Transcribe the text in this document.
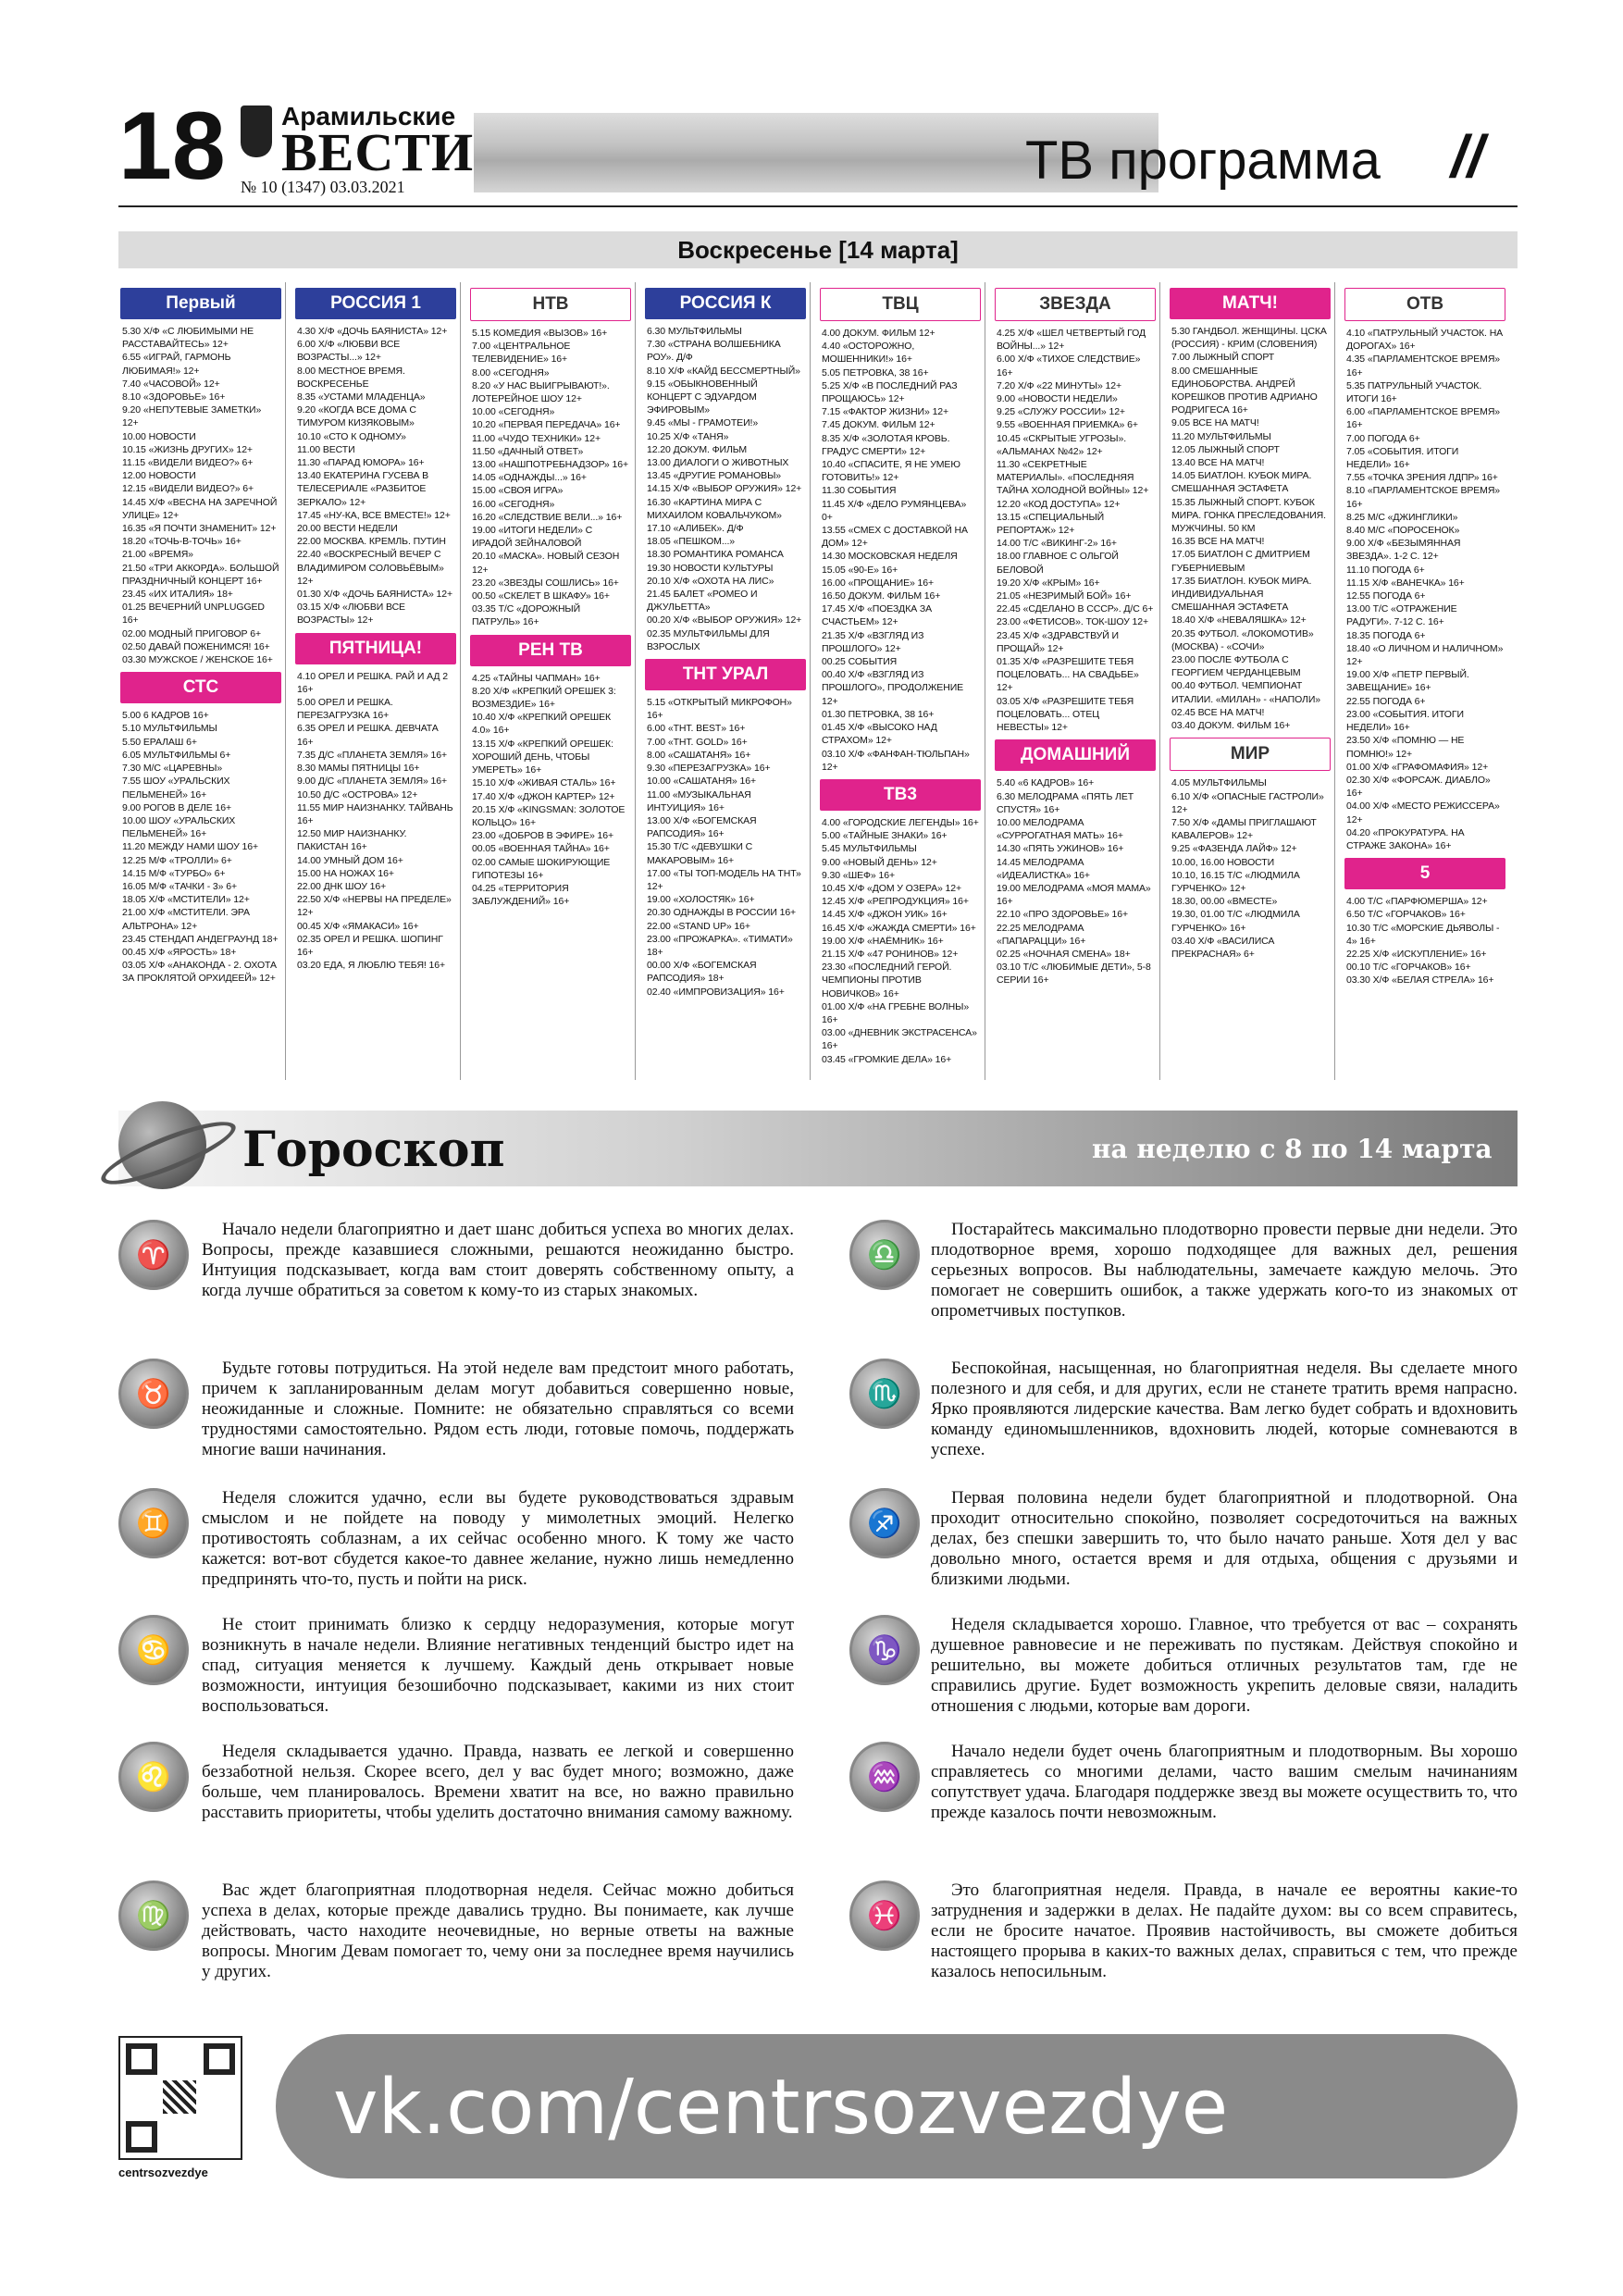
18 Арамильские
ВЕСТИ
№ 10 (1347) 03.03.2021	ТВ программа //
Воскресенье [14 марта]
Первый
5.30 Х/Ф «С ЛЮБИМЫМИ НЕ РАССТАВАЙТЕСЬ» 12+
6.55 «ИГРАЙ, ГАРМОНЬ ЛЮБИМАЯ!» 12+
7.40 «ЧАСОВОЙ» 12+
8.10 «ЗДОРОВЬЕ» 16+
9.20 «НЕПУТЕВЫЕ ЗАМЕТКИ» 12+
10.00 НОВОСТИ
10.15 «ЖИЗНЬ ДРУГИХ» 12+
11.15 «ВИДЕЛИ ВИДЕО?» 6+
12.00 НОВОСТИ
12.15 «ВИДЕЛИ ВИДЕО?» 6+
14.45 Х/Ф «ВЕСНА НА ЗАРЕЧНОЙ УЛИЦЕ» 12+
16.35 «Я ПОЧТИ ЗНАМЕНИТ» 12+
18.20 «ТОЧЬ-В-ТОЧЬ» 16+
21.00 «ВРЕМЯ»
21.50 «ТРИ АККОРДА». БОЛЬШОЙ ПРАЗДНИЧНЫЙ КОНЦЕРТ 16+
23.45 «ИХ ИТАЛИЯ» 18+
01.25 ВЕЧЕРНИЙ UNPLUGGED 16+
02.00 МОДНЫЙ ПРИГОВОР 6+
02.50 ДАВАЙ ПОЖЕНИМСЯ! 16+
03.30 МУЖСКОЕ / ЖЕНСКОЕ 16+
СТС
5.00 6 КАДРОВ 16+
5.10 МУЛЬТФИЛЬМЫ
5.50 ЕРАЛАШ 6+
6.05 МУЛЬТФИЛЬМЫ 6+
7.30 М/С «ЦАРЕВНЫ»
7.55 ШОУ «УРАЛЬСКИХ ПЕЛЬМЕНЕЙ» 16+
9.00 РОГОВ В ДЕЛЕ 16+
10.00 ШОУ «УРАЛЬСКИХ ПЕЛЬМЕНЕЙ» 16+
11.20 МЕЖДУ НАМИ ШОУ 16+
12.25 М/Ф «ТРОЛЛИ» 6+
14.15 М/Ф «ТУРБО» 6+
16.05 М/Ф «ТАЧКИ - 3» 6+
18.05 Х/Ф «МСТИТЕЛИ» 12+
21.00 Х/Ф «МСТИТЕЛИ. ЭРА АЛЬТРОНА» 12+
23.45 СТЕНДАП АНДЕГРАУНД 18+
00.45 Х/Ф «ЯРОСТЬ» 18+
03.05 Х/Ф «АНАКОНДА - 2. ОХОТА ЗА ПРОКЛЯТОЙ ОРХИДЕЕЙ» 12+
РОССИЯ 1
4.30 Х/Ф «ДОЧЬ БАЯНИСТА» 12+
6.00 Х/Ф «ЛЮБВИ ВСЕ ВОЗРАСТЫ...» 12+
8.00 МЕСТНОЕ ВРЕМЯ. ВОСКРЕСЕНЬЕ
8.35 «УСТАМИ МЛАДЕНЦА»
9.20 «КОГДА ВСЕ ДОМА С ТИМУРОМ КИЗЯКОВЫМ»
10.10 «СТО К ОДНОМУ»
11.00 ВЕСТИ
11.30 «ПАРАД ЮМОРА» 16+
13.40 ЕКАТЕРИНА ГУСЕВА В ТЕЛЕСЕРИАЛЕ «РАЗБИТОЕ ЗЕРКАЛО» 12+
17.45 «НУ-КА, ВСЕ ВМЕСТЕ!» 12+
20.00 ВЕСТИ НЕДЕЛИ
22.00 МОСКВА. КРЕМЛЬ. ПУТИН
22.40 «ВОСКРЕСНЫЙ ВЕЧЕР С ВЛАДИМИРОМ СОЛОВЬЁВЫМ» 12+
01.30 Х/Ф «ДОЧЬ БАЯНИСТА» 12+
03.15 Х/Ф «ЛЮБВИ ВСЕ ВОЗРАСТЫ» 12+
ПЯТНИЦА!
4.10 ОРЕЛ И РЕШКА. РАЙ И АД 2 16+
5.00 ОРЕЛ И РЕШКА. ПЕРЕЗАГРУЗКА 16+
6.35 ОРЕЛ И РЕШКА. ДЕВЧАТА 16+
7.35 Д/С «ПЛАНЕТА ЗЕМЛЯ» 16+
8.30 МАМЫ ПЯТНИЦЫ 16+
9.00 Д/С «ПЛАНЕТА ЗЕМЛЯ» 16+
10.50 Д/С «ОСТРОВА» 12+
11.55 МИР НАИЗНАНКУ. ТАЙВАНЬ 16+
12.50 МИР НАИЗНАНКУ. ПАКИСТАН 16+
14.00 УМНЫЙ ДОМ 16+
15.00 НА НОЖАХ 16+
22.00 ДНК ШОУ 16+
22.50 Х/Ф «НЕРВЫ НА ПРЕДЕЛЕ» 12+
00.45 Х/Ф «ЯМАКАСИ» 16+
02.35 ОРЕЛ И РЕШКА. ШОПИНГ 16+
03.20 ЕДА, Я ЛЮБЛЮ ТЕБЯ! 16+
НТВ
5.15 КОМЕДИЯ «ВЫЗОВ» 16+
7.00 «ЦЕНТРАЛЬНОЕ ТЕЛЕВИДЕНИЕ» 16+
8.00 «СЕГОДНЯ»
8.20 «У НАС ВЫИГРЫВАЮТ!». ЛОТЕРЕЙНОЕ ШОУ 12+
10.00 «СЕГОДНЯ»
10.20 «ПЕРВАЯ ПЕРЕДАЧА» 16+
11.00 «ЧУДО ТЕХНИКИ» 12+
11.50 «ДАЧНЫЙ ОТВЕТ»
13.00 «НАШПОТРЕБНАДЗОР» 16+
14.05 «ОДНАЖДЫ...» 16+
15.00 «СВОЯ ИГРА»
16.00 «СЕГОДНЯ»
16.20 «СЛЕДСТВИЕ ВЕЛИ...» 16+
19.00 «ИТОГИ НЕДЕЛИ» С ИРАДОЙ ЗЕЙНАЛОВОЙ
20.10 «МАСКА». НОВЫЙ СЕЗОН 12+
23.20 «ЗВЕЗДЫ СОШЛИСЬ» 16+
00.50 «СКЕЛЕТ В ШКАФУ» 16+
03.35 Т/С «ДОРОЖНЫЙ ПАТРУЛЬ» 16+
РЕН ТВ
4.25 «ТАЙНЫ ЧАПМАН» 16+
8.20 Х/Ф «КРЕПКИЙ ОРЕШЕК 3: ВОЗМЕЗДИЕ» 16+
10.40 Х/Ф «КРЕПКИЙ ОРЕШЕК 4.0» 16+
13.15 Х/Ф «КРЕПКИЙ ОРЕШЕК: ХОРОШИЙ ДЕНЬ, ЧТОБЫ УМЕРЕТЬ» 16+
15.10 Х/Ф «ЖИВАЯ СТАЛЬ» 16+
17.40 Х/Ф «ДЖОН КАРТЕР» 12+
20.15 Х/Ф «KINGSMAN: ЗОЛОТОЕ КОЛЬЦО» 16+
23.00 «ДОБРОВ В ЭФИРЕ» 16+
00.05 «ВОЕННАЯ ТАЙНА» 16+
02.00 САМЫЕ ШОКИРУЮЩИЕ ГИПОТЕЗЫ 16+
04.25 «ТЕРРИТОРИЯ ЗАБЛУЖДЕНИЙ» 16+
РОССИЯ К
6.30 МУЛЬТФИЛЬМЫ
7.30 «СТРАНА ВОЛШЕБНИКА РОУ». Д/Ф
8.10 Х/Ф «КАЙД БЕССМЕРТНЫЙ»
9.15 «ОБЫКНОВЕННЫЙ КОНЦЕРТ С ЭДУАРДОМ ЭФИРОВЫМ»
9.45 «МЫ - ГРАМОТЕИ!»
10.25 Х/Ф «ТАНЯ»
12.20 ДОКУМ. ФИЛЬМ
13.00 ДИАЛОГИ О ЖИВОТНЫХ
13.45 «ДРУГИЕ РОМАНОВЫ»
14.15 Х/Ф «ВЫБОР ОРУЖИЯ» 12+
16.30 «КАРТИНА МИРА С МИХАИЛОМ КОВАЛЬЧУКОМ»
17.10 «АЛИБЕК». Д/Ф
18.05 «ПЕШКОМ...»
18.30 РОМАНТИКА РОМАНСА
19.30 НОВОСТИ КУЛЬТУРЫ
20.10 Х/Ф «ОХОТА НА ЛИС»
21.45 БАЛЕТ «РОМЕО И ДЖУЛЬЕТТА»
00.20 Х/Ф «ВЫБОР ОРУЖИЯ» 12+
02.35 МУЛЬТФИЛЬМЫ ДЛЯ ВЗРОСЛЫХ
ТНТ УРАЛ
5.15 «ОТКРЫТЫЙ МИКРОФОН» 16+
6.00 «ТНТ. BEST» 16+
7.00 «ТНТ. GOLD» 16+
8.00 «САШАТАНЯ» 16+
9.30 «ПЕРЕЗАГРУЗКА» 16+
10.00 «САШАТАНЯ» 16+
11.00 «МУЗЫКАЛЬНАЯ ИНТУИЦИЯ» 16+
13.00 Х/Ф «БОГЕМСКАЯ РАПСОДИЯ» 16+
15.30 Т/С «ДЕВУШКИ С МАКАРОВЫМ» 16+
17.00 «ТЫ ТОП-МОДЕЛЬ НА ТНТ» 12+
19.00 «ХОЛОСТЯК» 16+
20.30 ОДНАЖДЫ В РОССИИ 16+
22.00 «STAND UP» 16+
23.00 «ПРОЖАРКА». «ТИМАТИ» 18+
00.00 Х/Ф «БОГЕМСКАЯ РАПСОДИЯ» 18+
02.40 «ИМПРОВИЗАЦИЯ» 16+
ТВЦ
4.00 ДОКУМ. ФИЛЬМ 12+
4.40 «ОСТОРОЖНО, МОШЕННИКИ!» 16+
5.05 ПЕТРОВКА, 38 16+
5.25 Х/Ф «В ПОСЛЕДНИЙ РАЗ ПРОЩАЮСЬ» 12+
7.15 «ФАКТОР ЖИЗНИ» 12+
7.45 ДОКУМ. ФИЛЬМ 12+
8.35 Х/Ф «ЗОЛОТАЯ КРОВЬ. ГРАДУС СМЕРТИ» 12+
10.40 «СПАСИТЕ, Я НЕ УМЕЮ ГОТОВИТЬ!» 12+
11.30 СОБЫТИЯ
11.45 Х/Ф «ДЕЛО РУМЯНЦЕВА» 0+
13.55 «СМЕХ С ДОСТАВКОЙ НА ДОМ» 12+
14.30 МОСКОВСКАЯ НЕДЕЛЯ
15.05 «90-Е» 16+
16.00 «ПРОЩАНИЕ» 16+
16.50 ДОКУМ. ФИЛЬМ 16+
17.45 Х/Ф «ПОЕЗДКА ЗА СЧАСТЬЕМ» 12+
21.35 Х/Ф «ВЗГЛЯД ИЗ ПРОШЛОГО» 12+
00.25 СОБЫТИЯ
00.40 Х/Ф «ВЗГЛЯД ИЗ ПРОШЛОГО», ПРОДОЛЖЕНИЕ 12+
01.30 ПЕТРОВКА, 38 16+
01.45 Х/Ф «ВЫСОКО НАД СТРАХОМ» 12+
03.10 Х/Ф «ФАНФАН-ТЮЛЬПАН» 12+
ТВ3
4.00 «ГОРОДСКИЕ ЛЕГЕНДЫ» 16+
5.00 «ТАЙНЫЕ ЗНАКИ» 16+
5.45 МУЛЬТФИЛЬМЫ
9.00 «НОВЫЙ ДЕНЬ» 12+
9.30 «ШЕФ» 16+
10.45 Х/Ф «ДОМ У ОЗЕРА» 12+
12.45 Х/Ф «РЕПРОДУКЦИЯ» 16+
14.45 Х/Ф «ДЖОН УИК» 16+
16.45 Х/Ф «ЖАЖДА СМЕРТИ» 16+
19.00 Х/Ф «НАЁМНИК» 16+
21.15 Х/Ф «47 РОНИНОВ» 12+
23.30 «ПОСЛЕДНИЙ ГЕРОЙ. ЧЕМПИОНЫ ПРОТИВ НОВИЧКОВ» 16+
01.00 Х/Ф «НА ГРЕБНЕ ВОЛНЫ» 16+
03.00 «ДНЕВНИК ЭКСТРАСЕНСА» 16+
03.45 «ГРОМКИЕ ДЕЛА» 16+
ЗВЕЗДА
4.25 Х/Ф «ШЕЛ ЧЕТВЕРТЫЙ ГОД ВОЙНЫ...» 12+
6.00 Х/Ф «ТИХОЕ СЛЕДСТВИЕ» 16+
7.20 Х/Ф «22 МИНУТЫ» 12+
9.00 «НОВОСТИ НЕДЕЛИ»
9.25 «СЛУЖУ РОССИИ» 12+
9.55 «ВОЕННАЯ ПРИЕМКА» 6+
10.45 «СКРЫТЫЕ УГРОЗЫ». «АЛЬМАНАХ №42» 12+
11.30 «СЕКРЕТНЫЕ МАТЕРИАЛЫ». «ПОСЛЕДНЯЯ ТАЙНА ХОЛОДНОЙ ВОЙНЫ» 12+
12.20 «КОД ДОСТУПА» 12+
13.15 «СПЕЦИАЛЬНЫЙ РЕПОРТАЖ» 12+
14.00 Т/С «ВИКИНГ-2» 16+
18.00 ГЛАВНОЕ С ОЛЬГОЙ БЕЛОВОЙ
19.20 Х/Ф «КРЫМ» 16+
21.05 «НЕЗРИМЫЙ БОЙ» 16+
22.45 «СДЕЛАНО В СССР». Д/С 6+
23.00 «ФЕТИСОВ». ТОК-ШОУ 12+
23.45 Х/Ф «ЗДРАВСТВУЙ И ПРОЩАЙ» 12+
01.35 Х/Ф «РАЗРЕШИТЕ ТЕБЯ ПОЦЕЛОВАТЬ... НА СВАДЬБЕ» 12+
03.05 Х/Ф «РАЗРЕШИТЕ ТЕБЯ ПОЦЕЛОВАТЬ... ОТЕЦ НЕВЕСТЫ» 12+
ДОМАШНИЙ
5.40 «6 КАДРОВ» 16+
6.30 МЕЛОДРАМА «ПЯТЬ ЛЕТ СПУСТЯ» 16+
10.00 МЕЛОДРАМА «СУРРОГАТНАЯ МАТЬ» 16+
14.30 «ПЯТЬ УЖИНОВ» 16+
14.45 МЕЛОДРАМА «ИДЕАЛИСТКА» 16+
19.00 МЕЛОДРАМА «МОЯ МАМА» 16+
22.10 «ПРО ЗДОРОВЬЕ» 16+
22.25 МЕЛОДРАМА «ПАПАРАЦЦИ» 16+
02.25 «НОЧНАЯ СМЕНА» 18+
03.10 Т/С «ЛЮБИМЫЕ ДЕТИ», 5-8 СЕРИИ 16+
МАТЧ!
5.30 ГАНДБОЛ. ЖЕНЩИНЫ. ЦСКА (РОССИЯ) - КРИМ (СЛОВЕНИЯ)
7.00 ЛЫЖНЫЙ СПОРТ
8.00 СМЕШАННЫЕ ЕДИНОБОРСТВА. АНДРЕЙ КОРЕШКОВ ПРОТИВ АДРИАНО РОДРИГЕСА 16+
9.05 ВСЕ НА МАТЧ!
11.20 МУЛЬТФИЛЬМЫ
12.05 ЛЫЖНЫЙ СПОРТ
13.40 ВСЕ НА МАТЧ!
14.05 БИАТЛОН. КУБОК МИРА. СМЕШАННАЯ ЭСТАФЕТА
15.35 ЛЫЖНЫЙ СПОРТ. КУБОК МИРА. ГОНКА ПРЕСЛЕДОВАНИЯ. МУЖЧИНЫ. 50 КМ
16.35 ВСЕ НА МАТЧ!
17.05 БИАТЛОН С ДМИТРИЕМ ГУБЕРНИЕВЫМ
17.35 БИАТЛОН. КУБОК МИРА. ИНДИВИДУАЛЬНАЯ СМЕШАННАЯ ЭСТАФЕТА
18.40 Х/Ф «НЕВАЛЯШКА» 12+
20.35 ФУТБОЛ. «ЛОКОМОТИВ» (МОСКВА) - «СОЧИ»
23.00 ПОСЛЕ ФУТБОЛА С ГЕОРГИЕМ ЧЕРДАНЦЕВЫМ
00.40 ФУТБОЛ. ЧЕМПИОНАТ ИТАЛИИ. «МИЛАН» - «НАПОЛИ»
02.45 ВСЕ НА МАТЧ!
03.40 ДОКУМ. ФИЛЬМ 16+
МИР
4.05 МУЛЬТФИЛЬМЫ
6.10 Х/Ф «ОПАСНЫЕ ГАСТРОЛИ» 12+
7.50 Х/Ф «ДАМЫ ПРИГЛАШАЮТ КАВАЛЕРОВ» 12+
9.25 «ФАЗЕНДА ЛАЙФ» 12+
10.00, 16.00 НОВОСТИ
10.10, 16.15 Т/С «ЛЮДМИЛА ГУРЧЕНКО» 12+
18.30, 00.00 «ВМЕСТЕ»
19.30, 01.00 Т/С «ЛЮДМИЛА ГУРЧЕНКО» 16+
03.40 Х/Ф «ВАСИЛИСА ПРЕКРАСНАЯ» 6+
ОТВ
4.10 «ПАТРУЛЬНЫЙ УЧАСТОК. НА ДОРОГАХ» 16+
4.35 «ПАРЛАМЕНТСКОЕ ВРЕМЯ» 16+
5.35 ПАТРУЛЬНЫЙ УЧАСТОК. ИТОГИ 16+
6.00 «ПАРЛАМЕНТСКОЕ ВРЕМЯ» 16+
7.00 ПОГОДА 6+
7.05 «СОБЫТИЯ. ИТОГИ НЕДЕЛИ» 16+
7.55 «ТОЧКА ЗРЕНИЯ ЛДПР» 16+
8.10 «ПАРЛАМЕНТСКОЕ ВРЕМЯ» 16+
8.25 М/С «ДЖИНГЛИКИ»
8.40 М/С «ПОРОСЕНОК»
9.00 Х/Ф «БЕЗЫМЯННАЯ ЗВЕЗДА». 1-2 С. 12+
11.10 ПОГОДА 6+
11.15 Х/Ф «ВАНЕЧКА» 16+
12.55 ПОГОДА 6+
13.00 Т/С «ОТРАЖЕНИЕ РАДУГИ». 7-12 С. 16+
18.35 ПОГОДА 6+
18.40 «О ЛИЧНОМ И НАЛИЧНОМ» 12+
19.00 Х/Ф «ПЕТР ПЕРВЫЙ. ЗАВЕЩАНИЕ» 16+
22.55 ПОГОДА 6+
23.00 «СОБЫТИЯ. ИТОГИ НЕДЕЛИ» 16+
23.50 Х/Ф «ПОМНЮ — НЕ ПОМНЮ!» 12+
01.00 Х/Ф «ГРАФОМАФИЯ» 12+
02.30 Х/Ф «ФОРСАЖ. ДИАБЛО» 16+
04.00 Х/Ф «МЕСТО РЕЖИССЕРА» 12+
04.20 «ПРОКУРАТУРА. НА СТРАЖЕ ЗАКОНА» 16+
5
4.00 Т/С «ПАРФЮМЕРША» 12+
6.50 Т/С «ГОРЧАКОВ» 16+
10.30 Т/С «МОРСКИЕ ДЬЯВОЛЫ - 4» 16+
22.25 Х/Ф «ИСКУПЛЕНИЕ» 16+
00.10 Т/С «ГОРЧАКОВ» 16+
03.30 Х/Ф «БЕЛАЯ СТРЕЛА» 16+
Гороскоп	на неделю с 8 по 14 марта
♈
Начало недели благоприятно и дает шанс добиться успеха во многих делах. Вопросы, прежде казавшиеся сложными, решаются неожиданно быстро. Интуиция подсказывает, когда вам стоит доверять собственному опыту, а когда лучше обратиться за советом к кому-то из старых знакомых.
♉
Будьте готовы потрудиться. На этой неделе вам предстоит много работать, причем к запланированным делам могут добавиться совершенно новые, неожиданные и сложные. Помните: не обязательно справляться со всеми трудностями самостоятельно. Рядом есть люди, готовые помочь, поддержать многие ваши начинания.
♊
Неделя сложится удачно, если вы будете руководствоваться здравым смыслом и не пойдете на поводу у мимолетных эмоций. Нелегко противостоять соблазнам, а их сейчас особенно много. К тому же часто кажется: вот-вот сбудется какое-то давнее желание, нужно лишь немедленно предпринять что-то, пусть и пойти на риск.
♋
Не стоит принимать близко к сердцу недоразумения, которые могут возникнуть в начале недели. Влияние негативных тенденций быстро идет на спад, ситуация меняется к лучшему. Каждый день открывает новые возможности, интуиция безошибочно подсказывает, какими из них стоит воспользоваться.
♌
Неделя складывается удачно. Правда, назвать ее легкой и совершенно беззаботной нельзя. Скорее всего, дел у вас будет много; возможно, даже больше, чем планировалось. Времени хватит на все, но важно правильно расставить приоритеты, чтобы уделить достаточно внимания самому важному.
♍
Вас ждет благоприятная плодотворная неделя. Сейчас можно добиться успеха в делах, которые прежде давались трудно. Вы понимаете, как лучше действовать, часто находите неочевидные, но верные ответы на важные вопросы. Многим Девам помогает то, чему они за последнее время научились у других.
♎
Постарайтесь максимально плодотворно провести первые дни недели. Это плодотворное время, хорошо подходящее для важных дел, решения серьезных вопросов. Вы наблюдательны, замечаете каждую мелочь. Это помогает не совершить ошибок, а также удержать кого-то из знакомых от опрометчивых поступков.
♏
Беспокойная, насыщенная, но благоприятная неделя. Вы сделаете много полезного и для себя, и для других, если не станете тратить время напрасно. Ярко проявляются лидерские качества. Вам легко будет собрать и вдохновить команду единомышленников, вдохновить людей, которые сомневаются в успехе.
♐
Первая половина недели будет благоприятной и плодотворной. Она проходит относительно спокойно, позволяет сосредоточиться на важных делах, без спешки завершить то, что было начато раньше. Хотя дел у вас довольно много, остается время и для отдыха, общения с друзьями и близкими людьми.
♑
Неделя складывается хорошо. Главное, что требуется от вас – сохранять душевное равновесие и не переживать по пустякам. Действуя спокойно и решительно, вы можете добиться отличных результатов там, где не справились другие. Будет возможность укрепить деловые связи, наладить отношения с людьми, которые вам дороги.
♒
Начало недели будет очень благоприятным и плодотворным. Вы хорошо справляетесь со многими делами, часто вашим смелым начинаниям сопутствует удача. Благодаря поддержке звезд вы можете осуществить то, что прежде казалось почти невозможным.
♓
Это благоприятная неделя. Правда, в начале ее вероятны какие-то затруднения и задержки в делах. Не падайте духом: вы со всем справитесь, если не бросите начатое. Проявив настойчивость, вы сможете добиться настоящего прорыва в каких-то важных делах, справиться с тем, что прежде казалось непосильным.
centrsozvezdye
vk.com/centrsozvezdye
